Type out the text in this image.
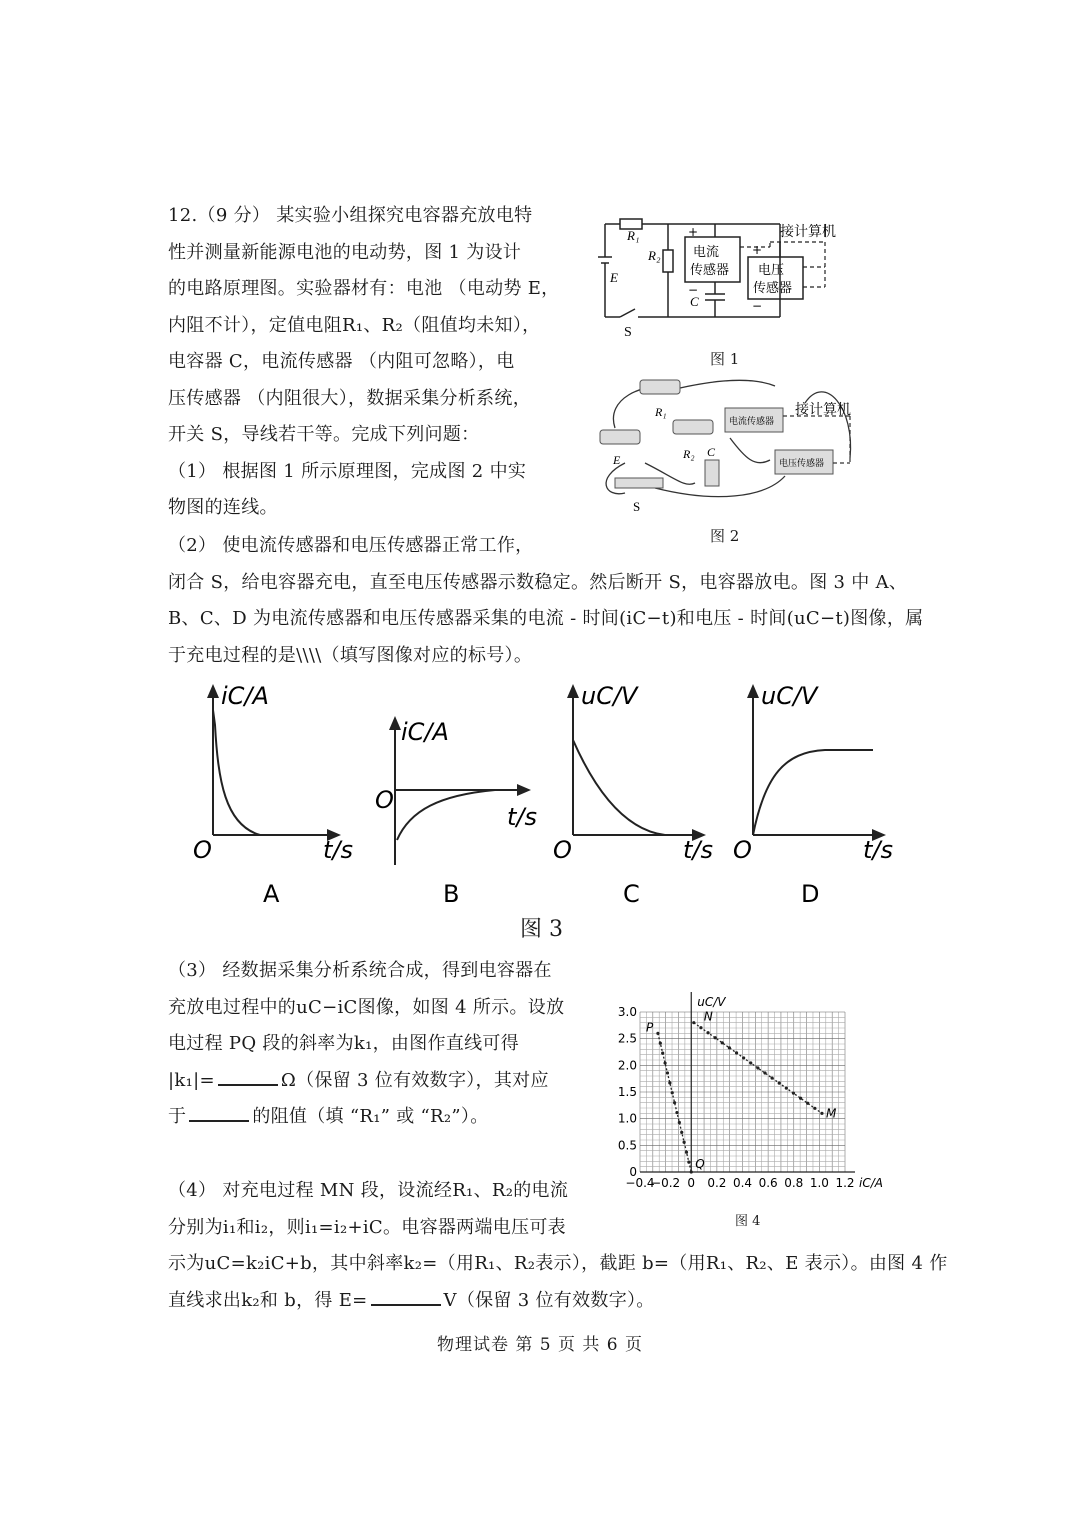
12.（9 分） 某实验小组探究电容器充放电特
性并测量新能源电池的电动势，图 1 为设计
的电路原理图。实验器材有：电池 （电动势 E，
内阻不计），定值电阻R₁、R₂（阻值均未知），
电容器 C，电流传感器 （内阻可忽略），电
压传感器 （内阻很大），数据采集分析系统，
开关 S，导线若干等。完成下列问题：
（1） 根据图 1 所示原理图，完成图 2 中实
物图的连线。
R₁
R₂
E
C
S
+
−
电流
传感器 电压
传感器
+
−
接计算机
图 1
R₁
R₂
E
C
S
电流传感器
电压传感器
接计算机
图 2
（2） 使电流传感器和电压传感器正常工作，
闭合 S，给电容器充电，直至电压传感器示数稳定。然后断开 S，电容器放电。图 3 中 A、
B、C、D 为电流传感器和电压传感器采集的电流 - 时间(iC−t)和电压 - 时间(uC−t)图像，属
于充电过程的是\\\\（填写图像对应的标号）。
iC/A
O	t/s
A
iC/A
O
t/s
B
uC/V
O	t/s
C
uC/V
O	t/s
D
图 3
（3） 经数据采集分析系统合成，得到电容器在
充放电过程中的uC−iC图像，如图 4 所示。设放
电过程 PQ 段的斜率为k₁，由图作直线可得
|k₁|=	Ω（保留 3 位有效数字），其对应
于	的阻值（填 “R₁” 或 “R₂”）。
−0.4
−0.2 0 0.2 0.4 0.6 0.8 1.0 1.2
3.0
2.5
2.0
1.5
1.0
0.5
0
uC/V
iC/A
P
Q
N
M
图 4
（4） 对充电过程 MN 段，设流经R₁、R₂的电流
分别为i₁和i₂，则i₁=i₂+iC。电容器两端电压可表
示为uC=k₂iC+b，其中斜率k₂=（用R₁、R₂表示），截距 b=（用R₁、R₂、E 表示）。由图 4 作
直线求出k₂和 b，得 E=	V（保留 3 位有效数字）。
物理试卷 第 5 页 共 6 页
